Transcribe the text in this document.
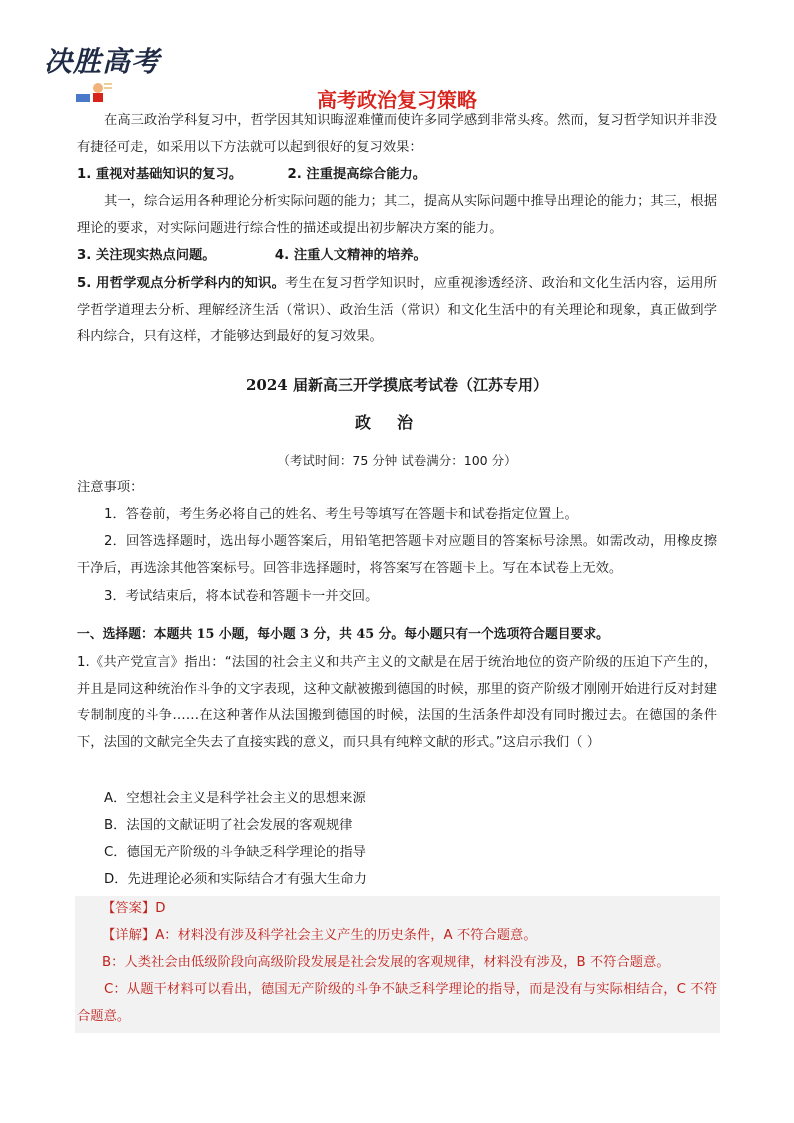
决胜高考
高考政治复习策略

在高三政治学科复习中，哲学因其知识晦涩难懂而使许多同学感到非常头疼。然而，复习哲学知识并非没有捷径可走，如采用以下方法就可以起到很好的复习效果：

1. 重视对基础知识的复习。	2. 注重提高综合能力。

其一，综合运用各种理论分析实际问题的能力；其二，提高从实际问题中推导出理论的能力；其三，根据理论的要求，对实际问题进行综合性的描述或提出初步解决方案的能力。

3. 关注现实热点问题。	4. 注重人文精神的培养。

5. 用哲学观点分析学科内的知识。考生在复习哲学知识时，应重视渗透经济、政治和文化生活内容，运用所学哲学道理去分析、理解经济生活（常识）、政治生活（常识）和文化生活中的有关理论和现象，真正做到学科内综合，只有这样，才能够达到最好的复习效果。

2024 届新高三开学摸底考试卷（江苏专用）
政治
（考试时间：75 分钟 试卷满分：100 分）
注意事项：

1．答卷前，考生务必将自己的姓名、考生号等填写在答题卡和试卷指定位置上。

2．回答选择题时，选出每小题答案后，用铅笔把答题卡对应题目的答案标号涂黑。如需改动，用橡皮擦干净后，再选涂其他答案标号。回答非选择题时，将答案写在答题卡上。写在本试卷上无效。

3．考试结束后，将本试卷和答题卡一并交回。

一、选择题：本题共 15 小题，每小题 3 分，共 45 分。每小题只有一个选项符合题目要求。

1.《共产党宣言》指出：“法国的社会主义和共产主义的文献是在居于统治地位的资产阶级的压迫下产生的，并且是同这种统治作斗争的文字表现，这种文献被搬到德国的时候，那里的资产阶级才刚刚开始进行反对封建专制制度的斗争……在这种著作从法国搬到德国的时候，法国的生活条件却没有同时搬过去。在德国的条件下，法国的文献完全失去了直接实践的意义，而只具有纯粹文献的形式。”这启示我们（ ）

A．空想社会主义是科学社会主义的思想来源
B．法国的文献证明了社会发展的客观规律
C．德国无产阶级的斗争缺乏科学理论的指导
D．先进理论必须和实际结合才有强大生命力
【答案】D
【详解】A：材料没有涉及科学社会主义产生的历史条件，A 不符合题意。
B：人类社会由低级阶段向高级阶段发展是社会发展的客观规律，材料没有涉及，B 不符合题意。

C：从题干材料可以看出，德国无产阶级的斗争不缺乏科学理论的指导，而是没有与实际相结合，C 不符合题意。
